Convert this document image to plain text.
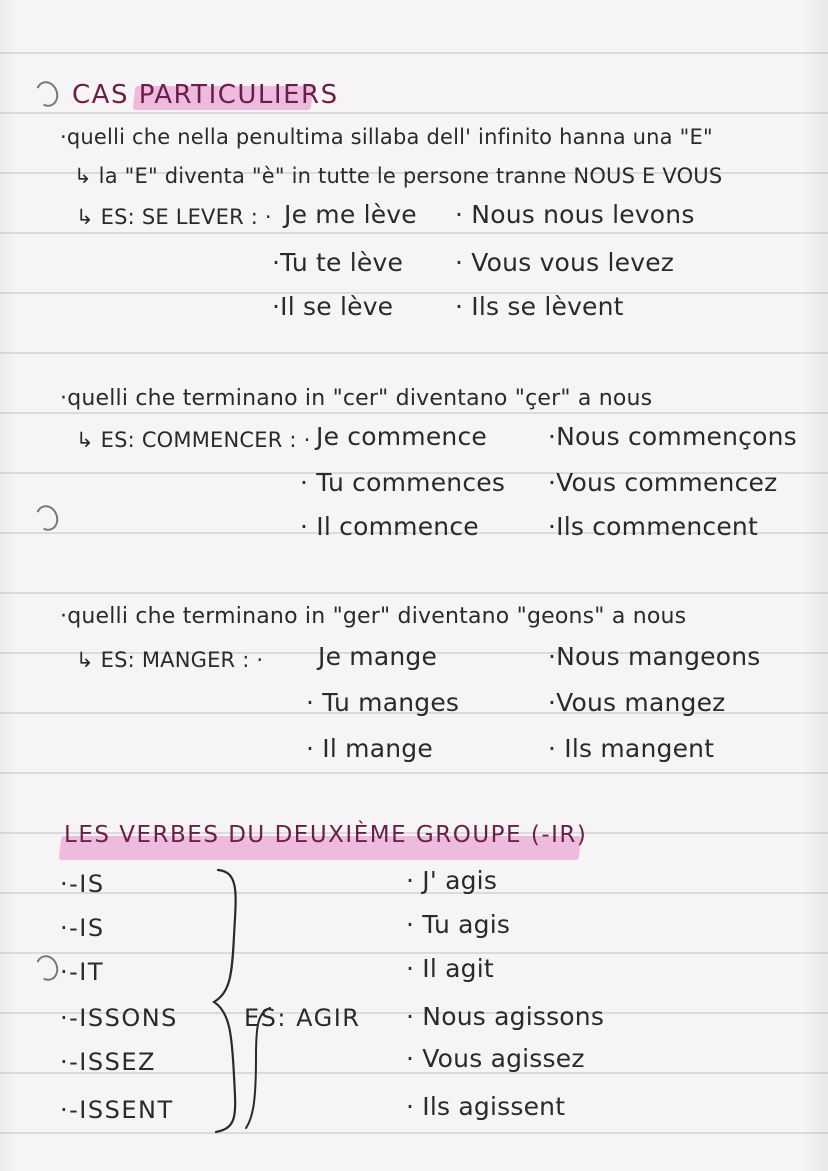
CAS PARTICULIERS
·quelli che nella penultima sillaba dell' infinito hanna una "E"
↳ la "E" diventa "è" in tutte le persone tranne NOUS E VOUS
↳ ES: SE LEVER : · Je me lève
·Tu te lève
·Il se lève
· Nous nous levons
· Vous vous levez
· Ils se lèvent
·quelli che terminano in "cer" diventano "çer" a nous
↳ ES: COMMENCER : · Je commence
· Tu commences
· Il commence
·Nous commençons
·Vous commencez
·Ils commencent
·quelli che terminano in "ger" diventano "geons" a nous
↳ ES: MANGER : · Je mange
· Tu manges
· Il mange
·Nous mangeons
·Vous mangez
· Ils mangent
LES VERBES DU DEUXIÈME GROUPE (-IR)
·-IS
·-IS
·-IT
·-ISSONS
·-ISSEZ
·-ISSENT
ES: AGIR
· J' agis
· Tu agis
· Il agit
· Nous agissons
· Vous agissez
· Ils agissent
